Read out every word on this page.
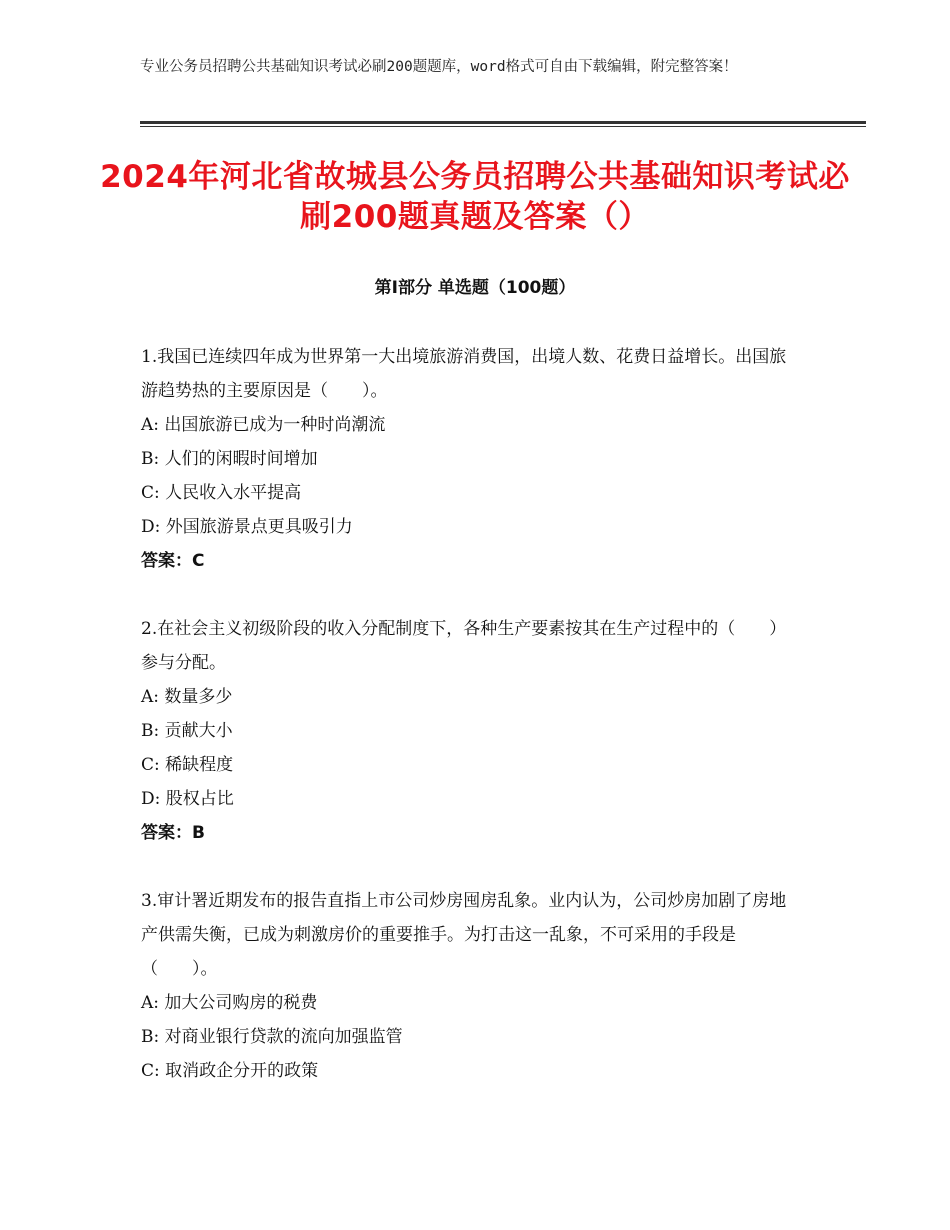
专业公务员招聘公共基础知识考试必刷200题题库，word格式可自由下载编辑，附完整答案！
2024年河北省故城县公务员招聘公共基础知识考试必刷200题真题及答案（）
第Ⅰ部分 单选题（100题）
1.我国已连续四年成为世界第一大出境旅游消费国，出境人数、花费日益增长。出国旅游趋势热的主要原因是（　　）。
A: 出国旅游已成为一种时尚潮流
B: 人们的闲暇时间增加
C: 人民收入水平提高
D: 外国旅游景点更具吸引力
答案：C
2.在社会主义初级阶段的收入分配制度下，各种生产要素按其在生产过程中的（　　）参与分配。
A: 数量多少
B: 贡献大小
C: 稀缺程度
D: 股权占比
答案：B
3.审计署近期发布的报告直指上市公司炒房囤房乱象。业内认为，公司炒房加剧了房地产供需失衡，已成为刺激房价的重要推手。为打击这一乱象，不可采用的手段是（　　）。
A: 加大公司购房的税费
B: 对商业银行贷款的流向加强监管
C: 取消政企分开的政策
